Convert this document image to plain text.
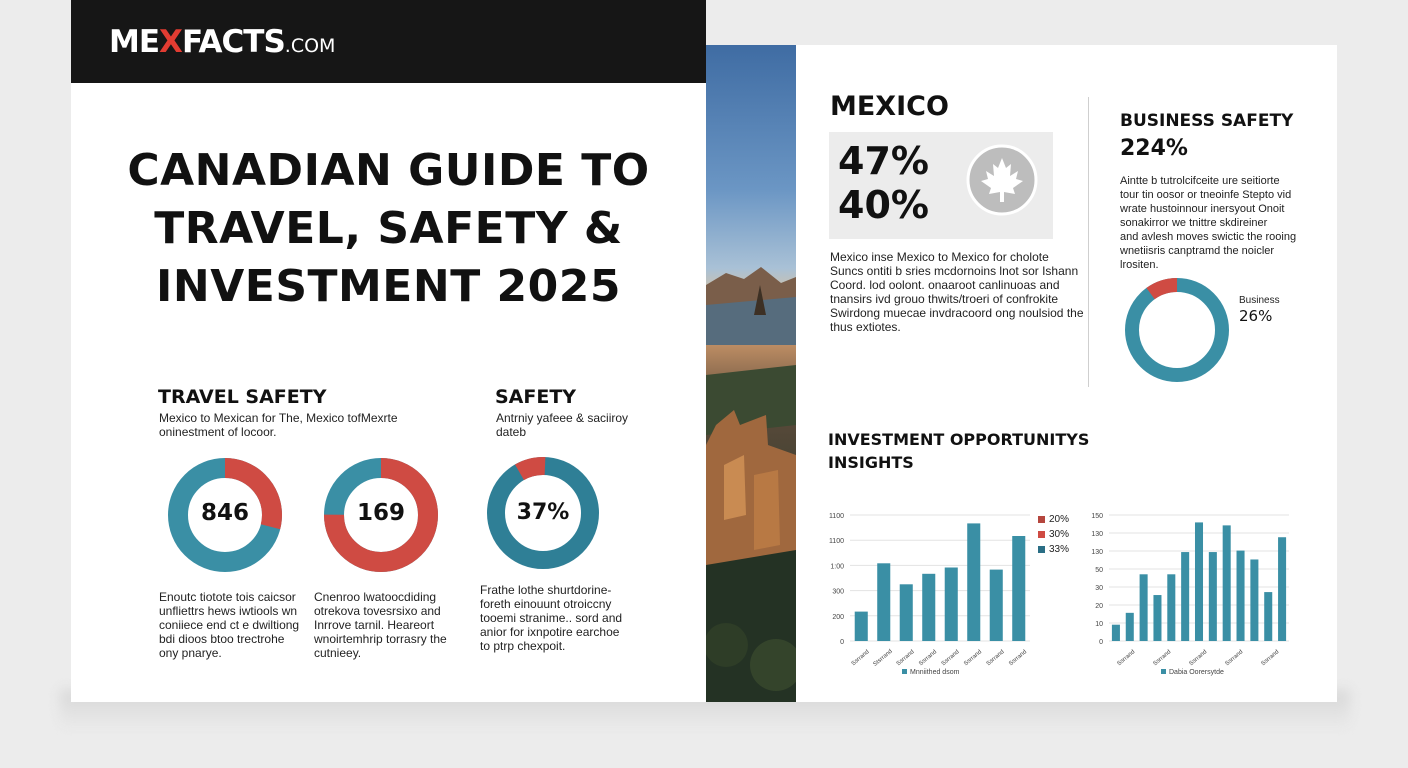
MEXFACTS.COM
CANADIAN GUIDE TO
TRAVEL, SAFETY &
INVESTMENT 2025
TRAVEL SAFETY
Mexico to Mexican for The, Mexico tofMexrte
oninestment of locoor.
846	169
Enoutc tiotote tois caicsor
unfliettrs hews iwtiools wn
coniiece end ct e dwiltiong
bdi dioos btoo trectrohe
ony pnarye.
Cnenroo lwatoocdiding
otrekova tovesrsixo and
Inrrove tarnil. Heareort
wnoirtemhrip torrasry the
cutnieey.
SAFETY
Antrniy yafeee & saciiroy
dateb
37%
Frathe lothe shurtdorine-
foreth einouunt otroiccny
tooemi stranime.. sord and
anior for ixnpotire earchoe
to ptrp chexpoit.
MEXICO
47%
40%
Mexico inse Mexico to Mexico for cholote
Suncs ontiti b sries mcdornoins lnot sor Ishann
Coord. lod oolont. onaaroot canlinuoas and
tnansirs ivd grouo thwits/troeri of confrokite
Swirdong muecae invdracoord ong noulsiod the
thus extiotes.
BUSINESS SAFETY
224%
Aintte b tutrolcifceite ure seitiorte
tour tin oosor or tneoinfe Stepto vid
wrate hustoinnour inersyout Onoit
sonakirror we tnittre skdireiner
and avlesh moves swictic the rooing
wnetiisris canptramd the noicler
lrositen.
Business
26%
INVESTMENT OPPORTUNITYS
INSIGHTS
0
200
300
1:00
1100
1100
Ssrrand Stsrrand Ssrrand Ssrrand Ssrrand Ssrrand Ssrrand Ssrrand
Mnniithed dsom
20%
30%
33%
0
10
20
30
50
130
130
150
Ssrrand	Ssrrand	Ssrrand	Ssrrand	Ssrrand
Dabia Oorersytde
